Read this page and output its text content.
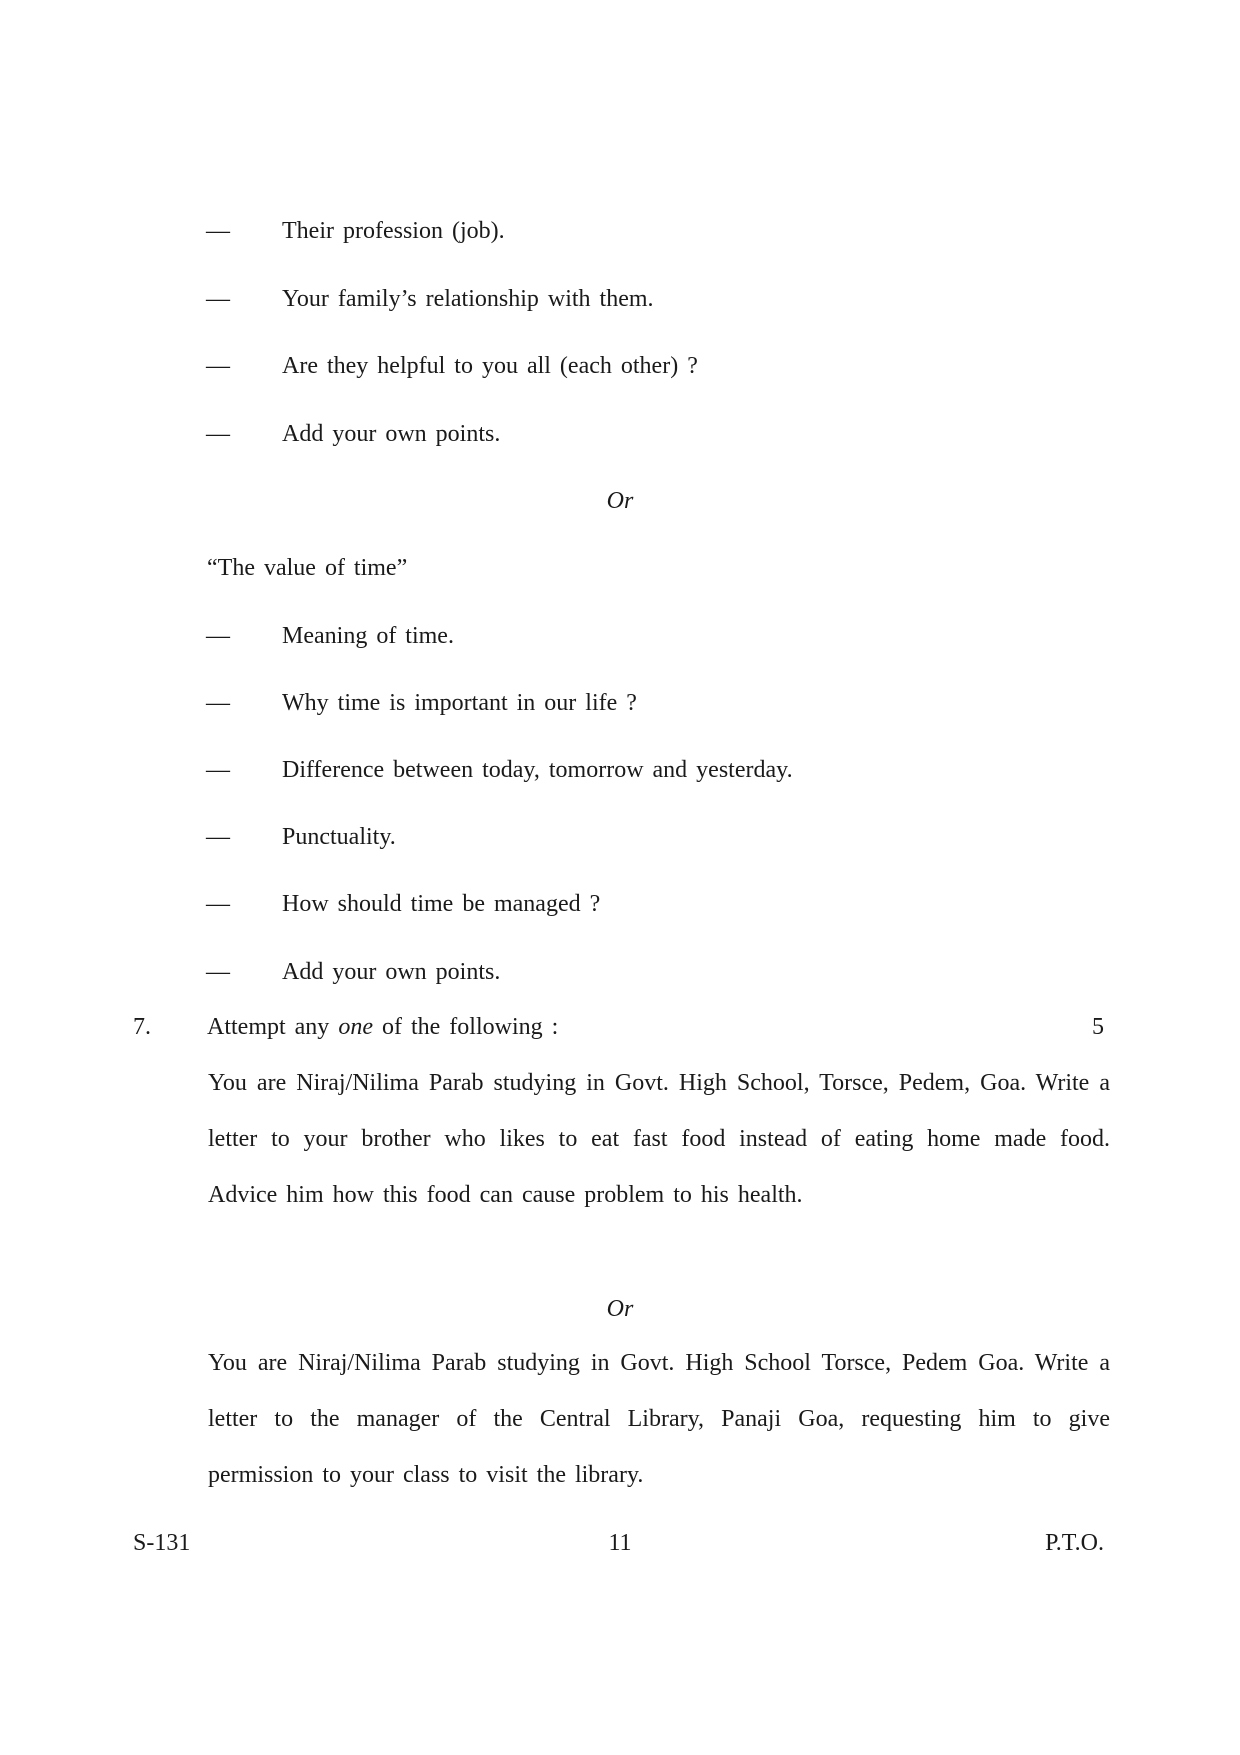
— Their profession (job).
— Your family’s relationship with them.
— Are they helpful to you all (each other) ?
— Add your own points.
Or
“The value of time”
— Meaning of time.
— Why time is important in our life ?
— Difference between today, tomorrow and yesterday.
— Punctuality.
— How should time be managed ?
— Add your own points.
7. Attempt any one of the following :	5
You are Niraj/Nilima Parab studying in Govt. High School, Torsce, Pedem, Goa. Write a letter to your brother who likes to eat fast food instead of eating home made food. Advice him how this food can cause problem to his health.
Or
You are Niraj/Nilima Parab studying in Govt. High School Torsce, Pedem Goa. Write a letter to the manager of the Central Library, Panaji Goa, requesting him to give permission to your class to visit the library.
S-131	11	P.T.O.
